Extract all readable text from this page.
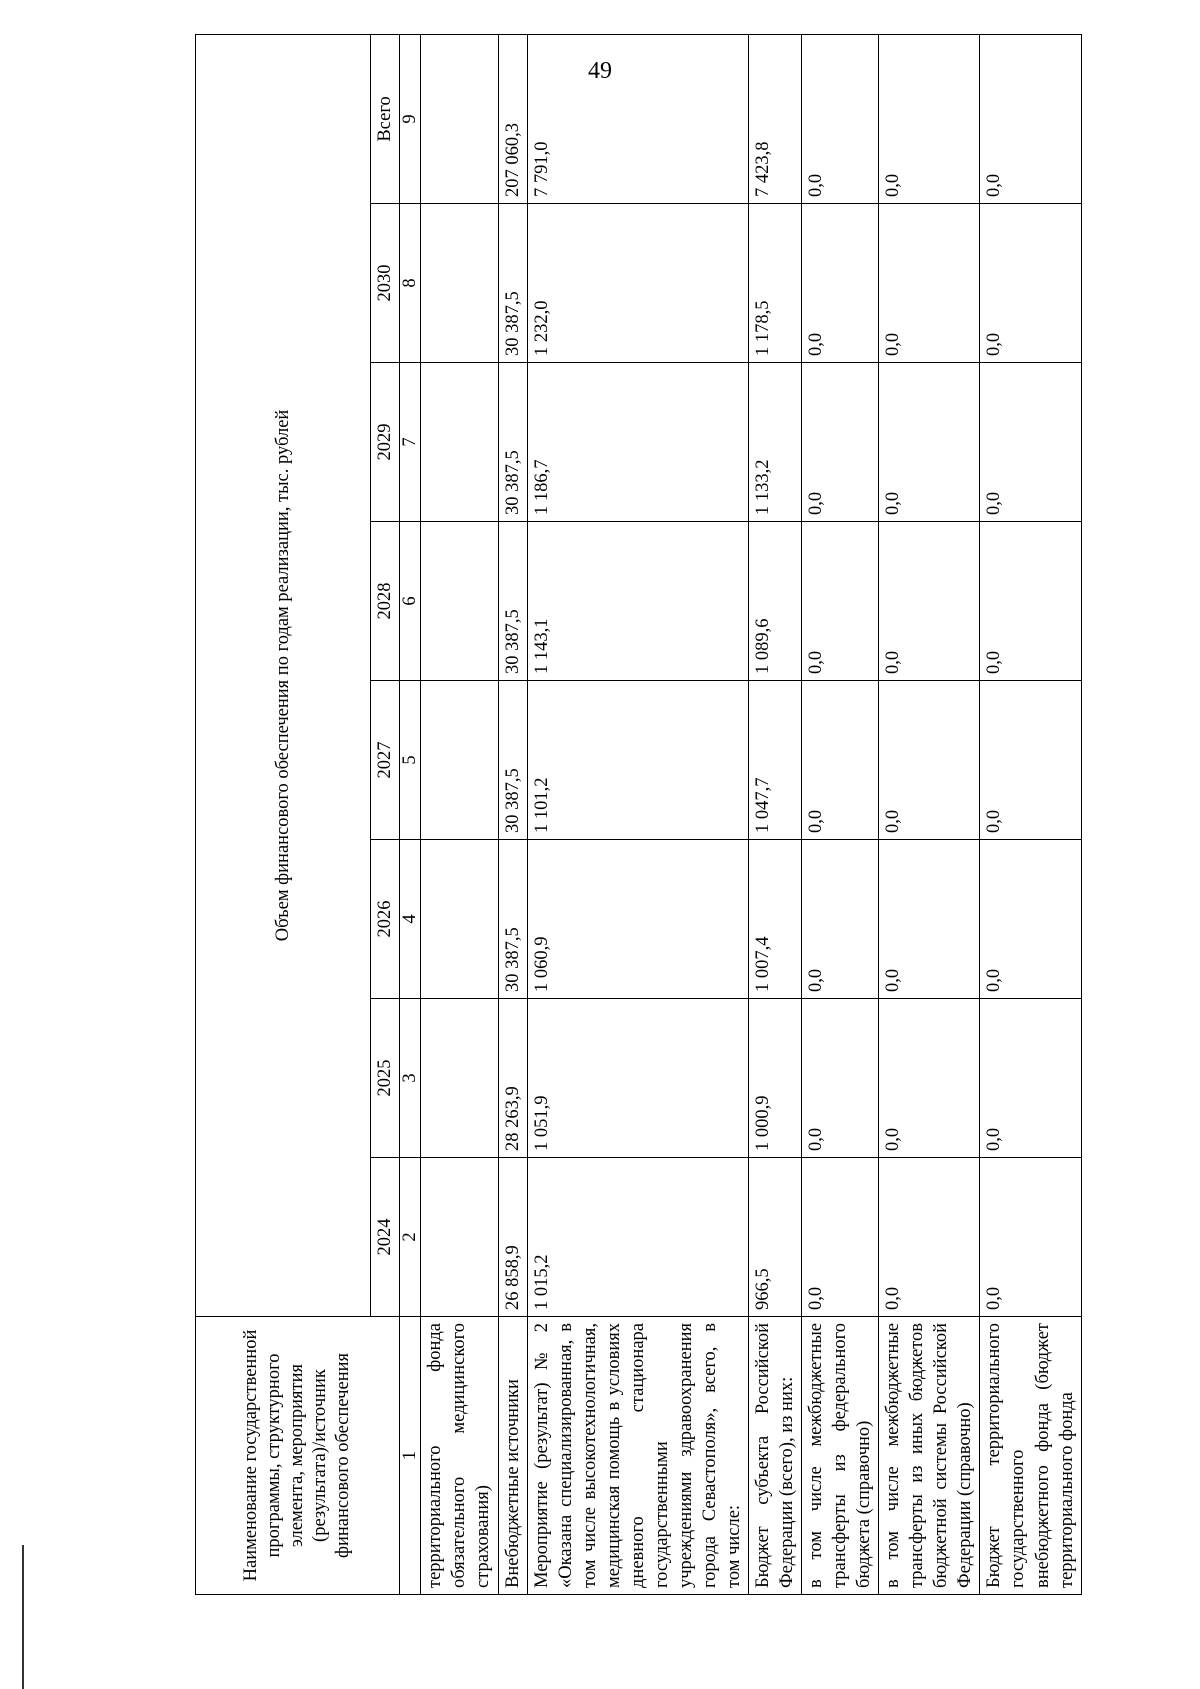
49
Наименование государственной программы, структурного элемента, мероприятия (результата)/источник финансового обеспечения	Объем финансового обеспечения по годам реализации, тыс. рублей							
	2024	2025	2026	2027	2028	2029	2030	Всего
1	2	3	4	5	6	7	8	9
территориального фонда обязательного медицинского страхования)								
Внебюджетные источники	26 858,9	28 263,9	30 387,5	30 387,5	30 387,5	30 387,5	30 387,5	207 060,3
Мероприятие (результат) № 2 «Оказана специализированная, в том числе высокотехнологичная, медицинская помощь в условиях дневного стационара государственными учреждениями здравоохранения города Севастополя», всего, в том числе:	1 015,2	1 051,9	1 060,9	1 101,2	1 143,1	1 186,7	1 232,0	7 791,0
Бюджет субъекта Российской Федерации (всего), из них:	966,5	1 000,9	1 007,4	1 047,7	1 089,6	1 133,2	1 178,5	7 423,8
в том числе межбюджетные трансферты из федерального бюджета (справочно)	0,0	0,0	0,0	0,0	0,0	0,0	0,0	0,0
в том числе межбюджетные трансферты из иных бюджетов бюджетной системы Российской Федерации (справочно)	0,0	0,0	0,0	0,0	0,0	0,0	0,0	0,0
Бюджет территориального государственного внебюджетного фонда (бюджет территориального фонда	0,0	0,0	0,0	0,0	0,0	0,0	0,0	0,0
